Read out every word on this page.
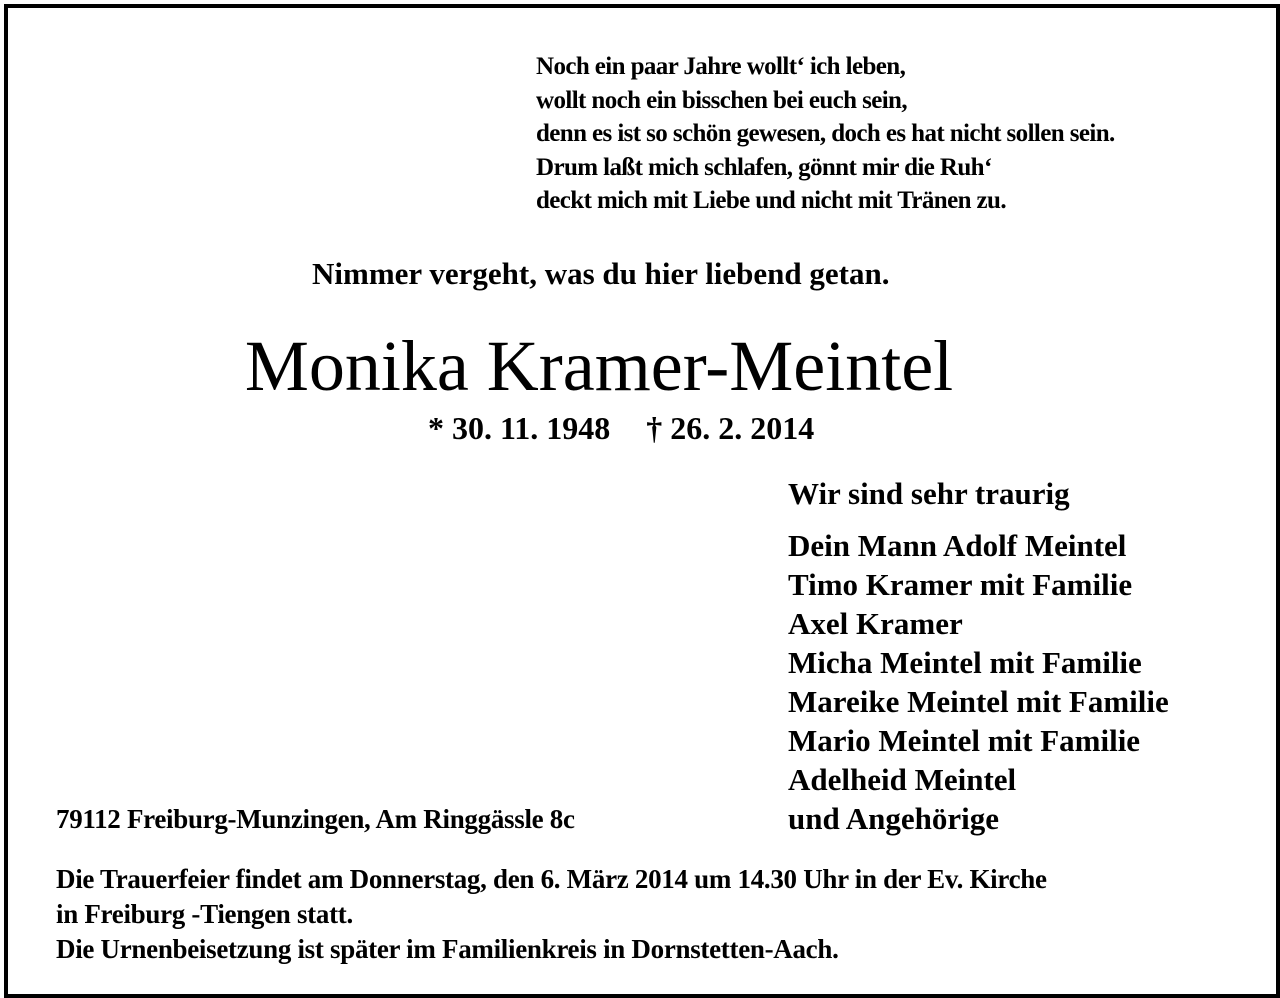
Noch ein paar Jahre wollt‘ ich leben,
wollt noch ein bisschen bei euch sein,
denn es ist so schön gewesen, doch es hat nicht sollen sein.
Drum laßt mich schlafen, gönnt mir die Ruh‘
deckt mich mit Liebe und nicht mit Tränen zu.
Nimmer vergeht, was du hier liebend getan.
Monika Kramer-Meintel
* 30. 11. 1948 † 26. 2. 2014
Wir sind sehr traurig
Dein Mann Adolf Meintel
Timo Kramer mit Familie
Axel Kramer
Micha Meintel mit Familie
Mareike Meintel mit Familie
Mario Meintel mit Familie
Adelheid Meintel
und Angehörige
79112 Freiburg-Munzingen, Am Ringgässle 8c
Die Trauerfeier findet am Donnerstag, den 6. März 2014 um 14.30 Uhr in der Ev. Kirche
in Freiburg -Tiengen statt.
Die Urnenbeisetzung ist später im Familienkreis in Dornstetten-Aach.
